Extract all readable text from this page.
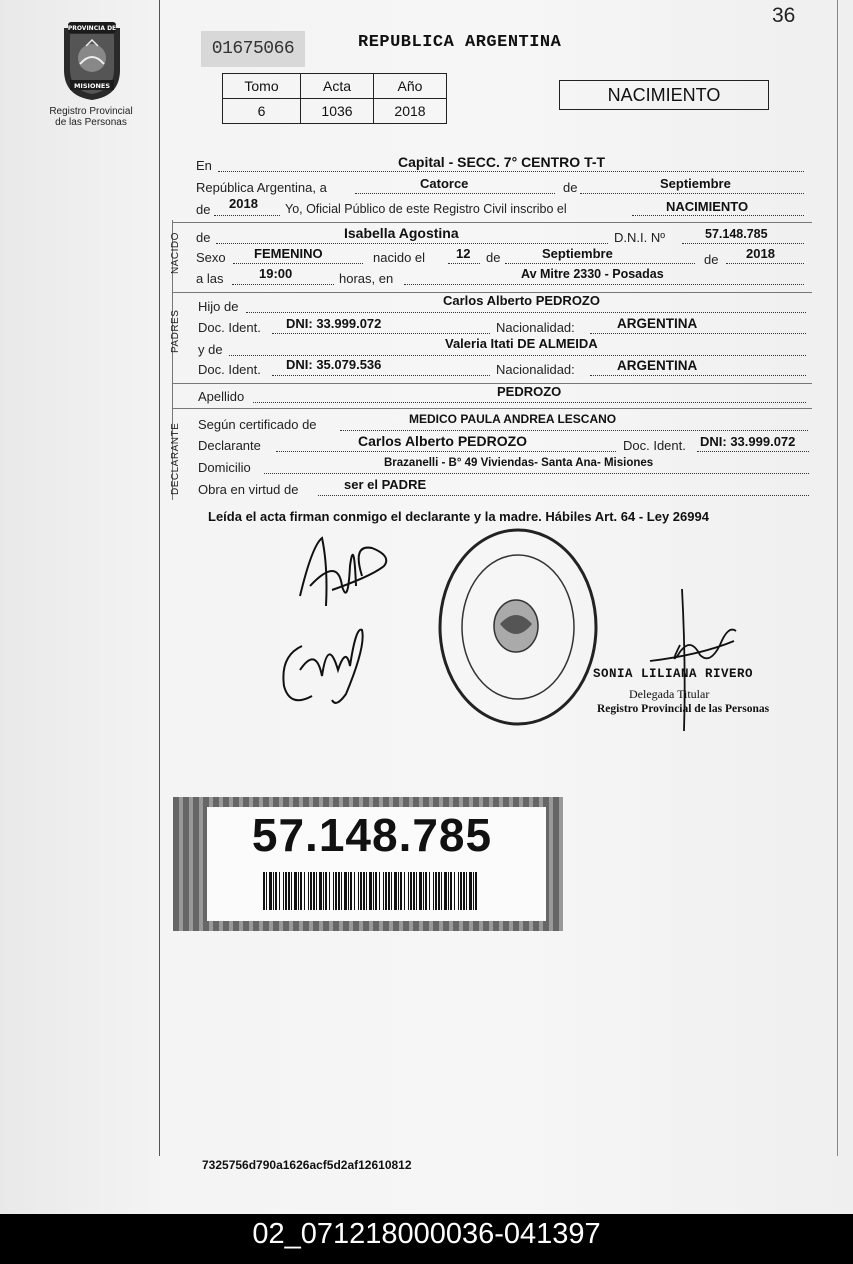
36
PROVINCIA DE
MISIONES
Registro Provincial
de las Personas
01675066	REPUBLICA ARGENTINA
Tomo	Acta	Año
6	1036	2018
NACIMIENTO
NACIDO
PADRES
DECLARANTE
En	Capital - SECC. 7° CENTRO T-T
República Argentina, a	Catorce	de	Septiembre
de 2018 Yo, Oficial Público de este Registro Civil inscribo el	NACIMIENTO
de	Isabella Agostina	D.N.I. Nº	57.148.785
Sexo FEMENINO	nacido el 12 de	Septiembre	de 2018
a las	19:00	horas, en	Av Mitre 2330 - Posadas
Hijo de	Carlos Alberto PEDROZO
Doc. Ident. DNI: 33.999.072	Nacionalidad:	ARGENTINA
y de	Valeria Itati DE ALMEIDA
Doc. Ident. DNI: 35.079.536	Nacionalidad:	ARGENTINA
Apellido	PEDROZO
Según certificado de	MEDICO PAULA ANDREA LESCANO
Declarante	Carlos Alberto PEDROZO	Doc. Ident. DNI: 33.999.072
Domicilio	Brazanelli - B° 49 Viviendas- Santa Ana- Misiones
Obra en virtud de	ser el PADRE
Leída el acta firman conmigo el declarante y la madre. Hábiles Art. 64 - Ley 26994
SONIA LILIANA RIVERO
Delegada Titular
Registro Provincial de las Personas
57.148.785
7325756d790a1626acf5d2af12610812
02_071218000036-041397
